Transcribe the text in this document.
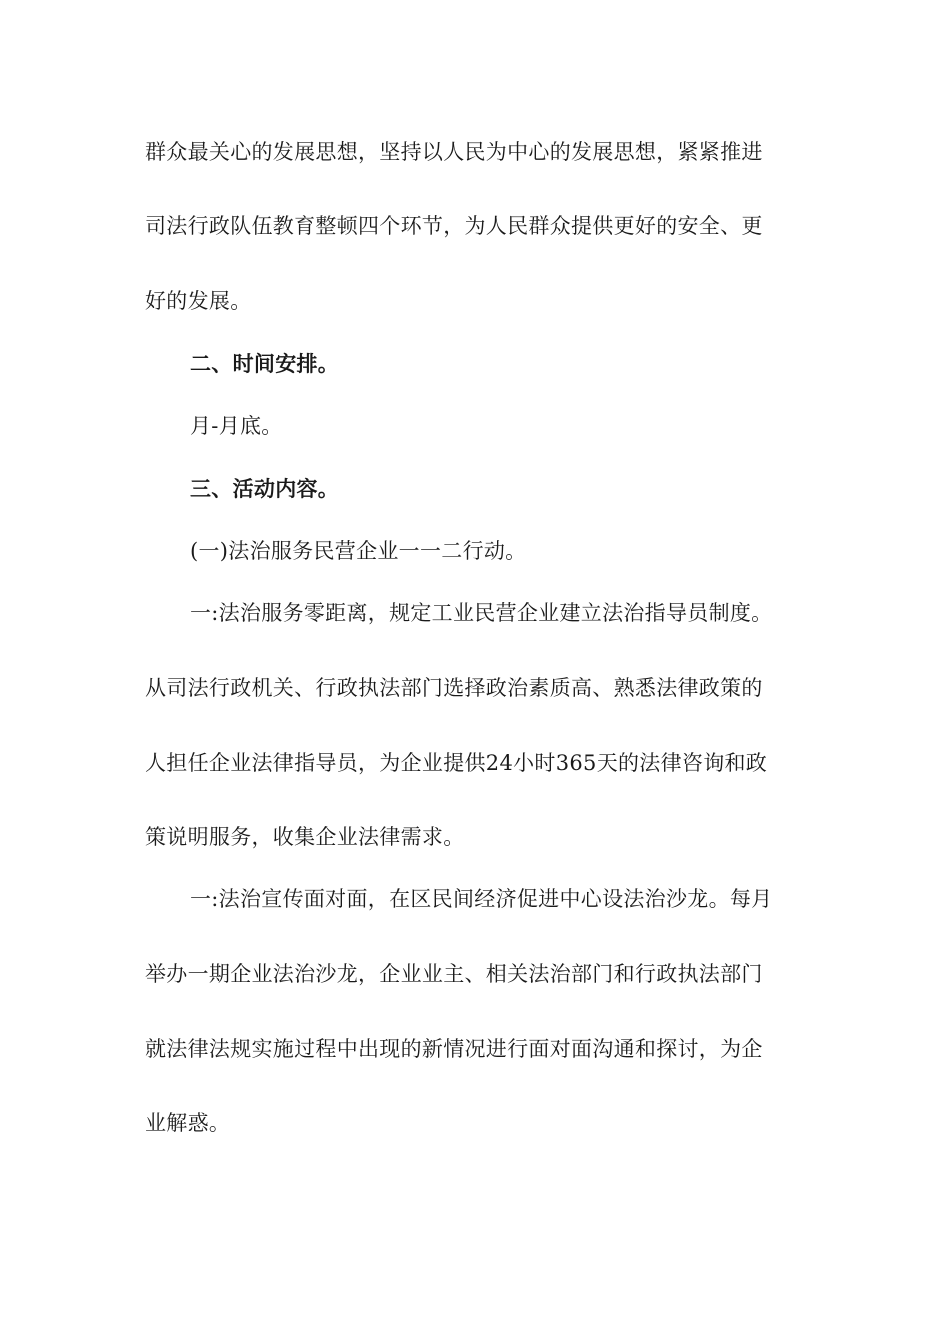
群众最关心的发展思想，坚持以人民为中心的发展思想，紧紧推进
司法行政队伍教育整顿四个环节，为人民群众提供更好的安全、更
好的发展。
二、时间安排。
月-月底。
三、活动内容。
(一)法治服务民营企业一一二行动。
一:法治服务零距离，规定工业民营企业建立法治指导员制度。
从司法行政机关、行政执法部门选择政治素质高、熟悉法律政策的
人担任企业法律指导员，为企业提供24小时365天的法律咨询和政
策说明服务，收集企业法律需求。
一:法治宣传面对面，在区民间经济促进中心设法治沙龙。每月
举办一期企业法治沙龙，企业业主、相关法治部门和行政执法部门
就法律法规实施过程中出现的新情况进行面对面沟通和探讨，为企
业解惑。
